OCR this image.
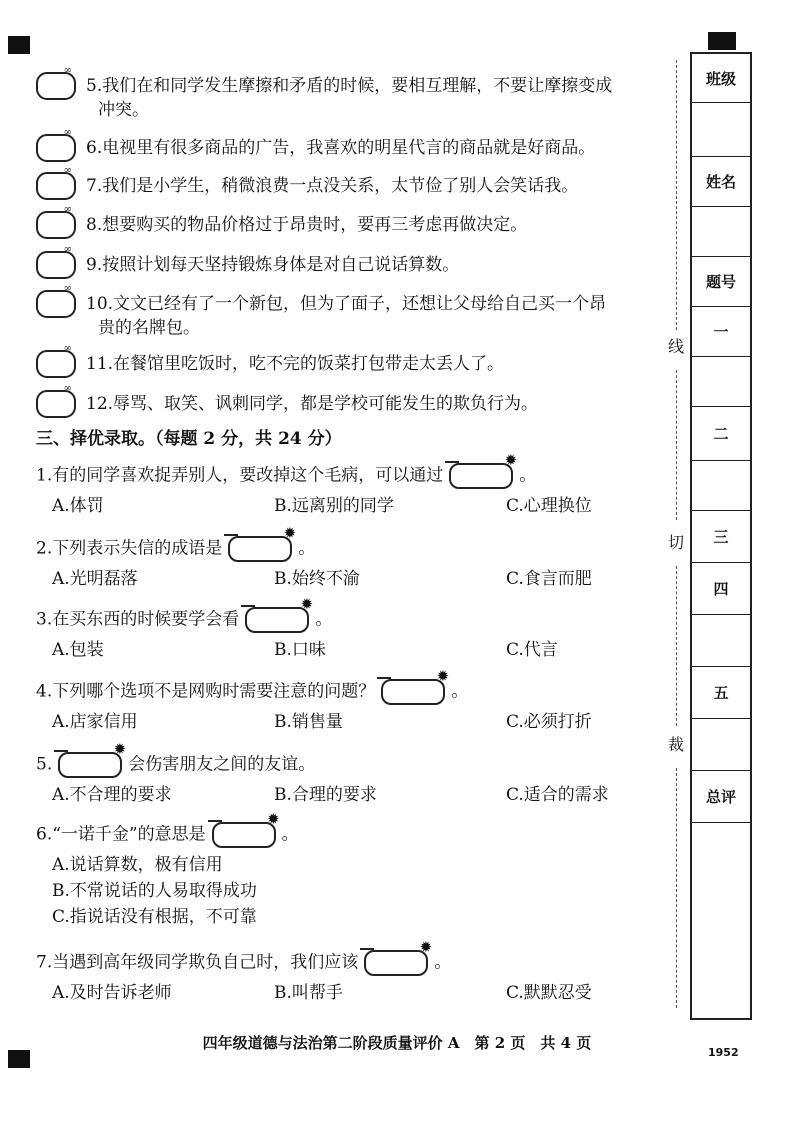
∞
5.我们在和同学发生摩擦和矛盾的时候，要相互理解，不要让摩擦变成
冲突。
∞
6.电视里有很多商品的广告，我喜欢的明星代言的商品就是好商品。
∞
7.我们是小学生，稍微浪费一点没关系，太节俭了别人会笑话我。
∞
8.想要购买的物品价格过于昂贵时，要再三考虑再做决定。
∞
9.按照计划每天坚持锻炼身体是对自己说话算数。
∞
10.文文已经有了一个新包，但为了面子，还想让父母给自己买一个昂
贵的名牌包。
∞
11.在餐馆里吃饭时，吃不完的饭菜打包带走太丢人了。
∞
12.辱骂、取笑、讽刺同学，都是学校可能发生的欺负行为。
三、择优录取。（每题 2 分，共 24 分）
1.有的同学喜欢捉弄别人，要改掉这个毛病，可以通过
✹
。
A.体罚	B.远离别的同学	C.心理换位
2.下列表示失信的成语是
✹
。
A.光明磊落	B.始终不渝	C.食言而肥
3.在买东西的时候要学会看
✹
。
A.包装	B.口味	C.代言
4.下列哪个选项不是网购时需要注意的问题？
✹
。
A.店家信用	B.销售量	C.必须打折
5.
✹
会伤害朋友之间的友谊。
A.不合理的要求	B.合理的要求	C.适合的需求
6.“一诺千金”的意思是
✹
。
A.说话算数，极有信用
B.不常说话的人易取得成功
C.指说话没有根据，不可靠
7.当遇到高年级同学欺负自己时，我们应该
✹
。
A.及时告诉老师	B.叫帮手	C.默默忍受
班级
姓名
题号
一
二
三
四
五
总评
线
切
裁
四年级道德与法治第二阶段质量评价 A　第 2 页　共 4 页
1952
